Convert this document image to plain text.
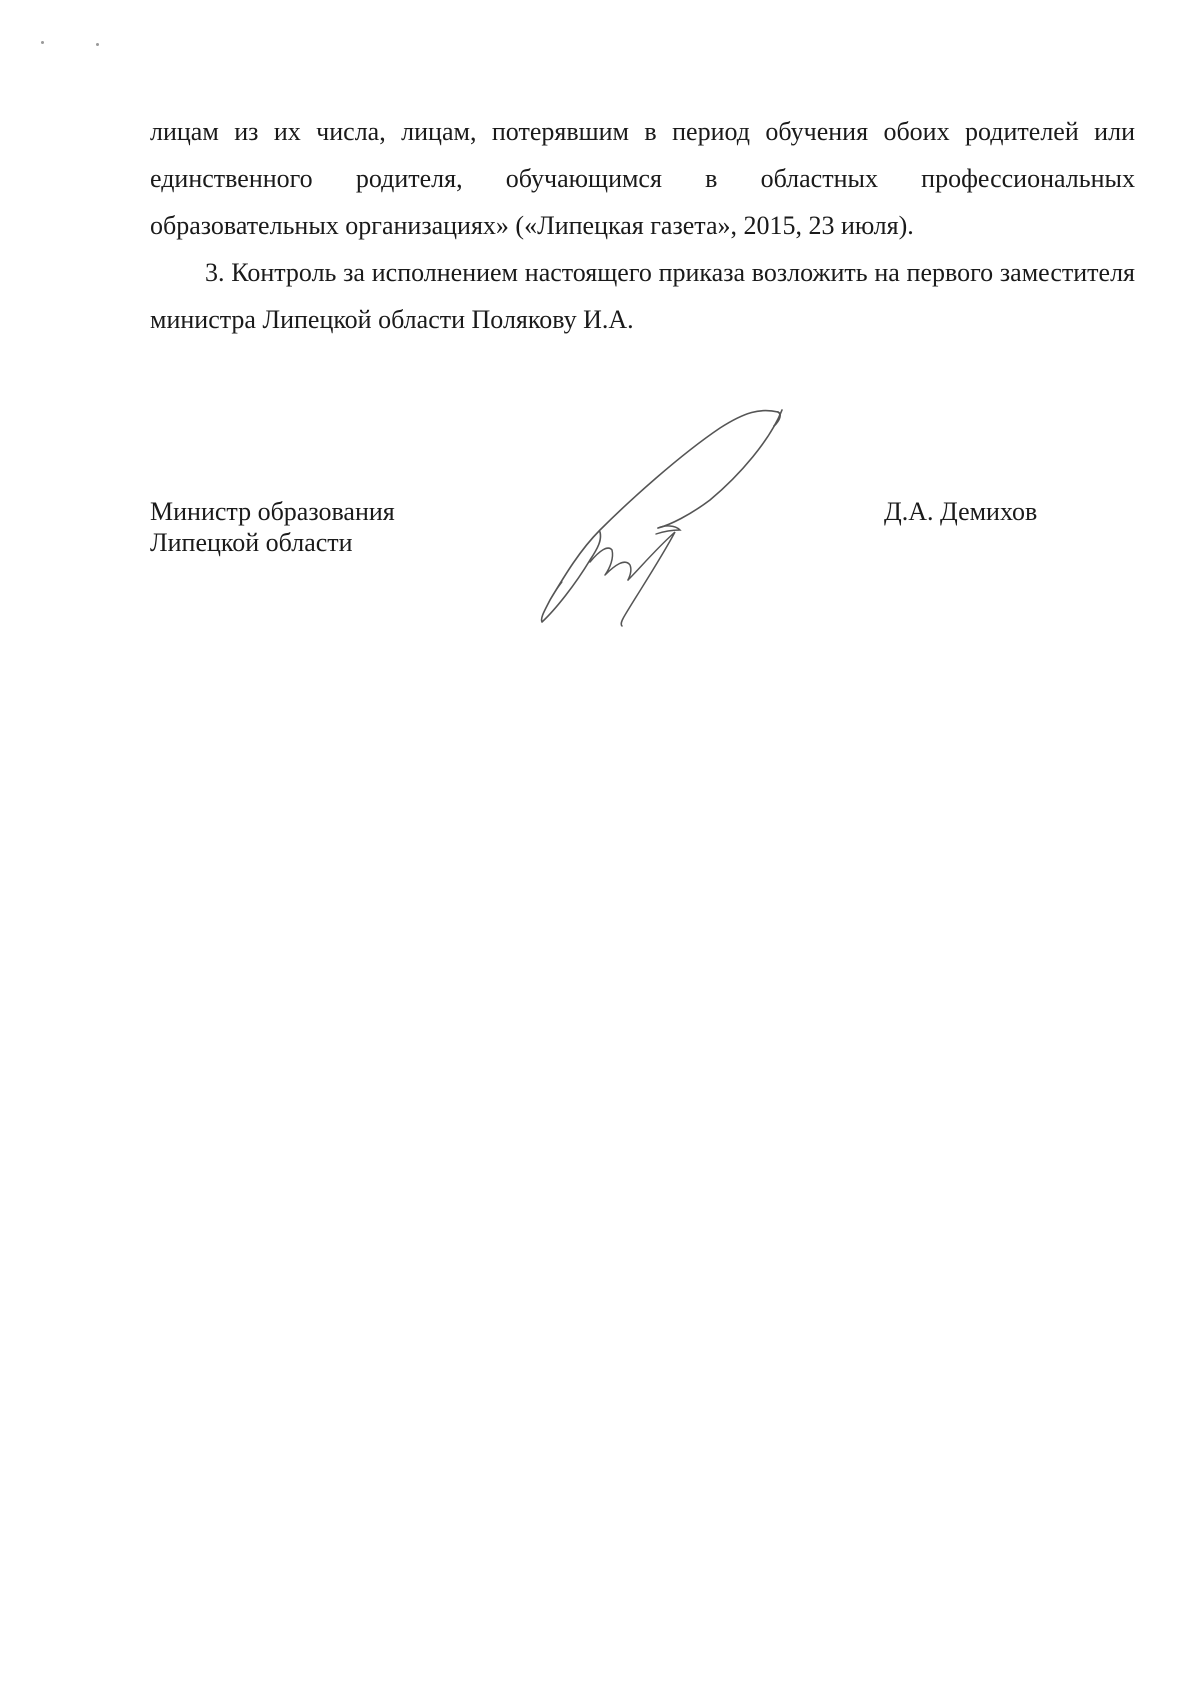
лицам из их числа, лицам, потерявшим в период обучения обоих родителей или единственного родителя, обучающимся в областных профессиональных образовательных организациях» («Липецкая газета», 2015, 23 июля).

3. Контроль за исполнением настоящего приказа возложить на первого заместителя министра Липецкой области Полякову И.А.

Министр образования
Липецкой области
Д.А. Демихов
